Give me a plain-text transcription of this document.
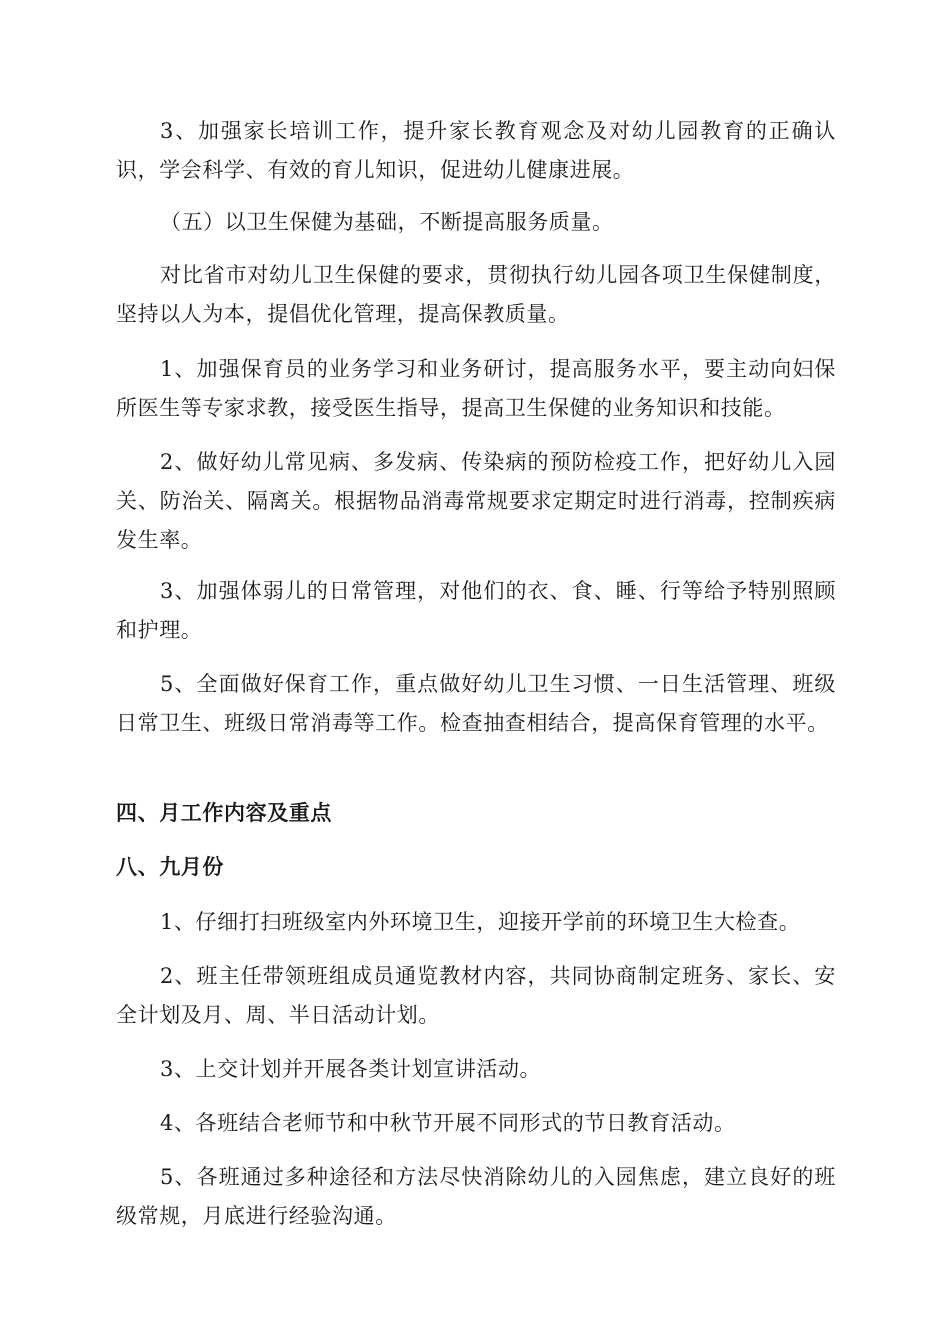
3、加强家长培训工作，提升家长教育观念及对幼儿园教育的正确认识，学会科学、有效的育儿知识，促进幼儿健康进展。

（五）以卫生保健为基础，不断提高服务质量。

对比省市对幼儿卫生保健的要求，贯彻执行幼儿园各项卫生保健制度，坚持以人为本，提倡优化管理，提高保教质量。

1、加强保育员的业务学习和业务研讨，提高服务水平，要主动向妇保所医生等专家求教，接受医生指导，提高卫生保健的业务知识和技能。

2、做好幼儿常见病、多发病、传染病的预防检疫工作，把好幼儿入园关、防治关、隔离关。根据物品消毒常规要求定期定时进行消毒，控制疾病发生率。

3、加强体弱儿的日常管理，对他们的衣、食、睡、行等给予特别照顾和护理。

5、全面做好保育工作，重点做好幼儿卫生习惯、一日生活管理、班级日常卫生、班级日常消毒等工作。检查抽查相结合，提高保育管理的水平。

四、月工作内容及重点
八、九月份

1、仔细打扫班级室内外环境卫生，迎接开学前的环境卫生大检查。

2、班主任带领班组成员通览教材内容，共同协商制定班务、家长、安全计划及月、周、半日活动计划。

3、上交计划并开展各类计划宣讲活动。

4、各班结合老师节和中秋节开展不同形式的节日教育活动。

5、各班通过多种途径和方法尽快消除幼儿的入园焦虑，建立良好的班级常规，月底进行经验沟通。
